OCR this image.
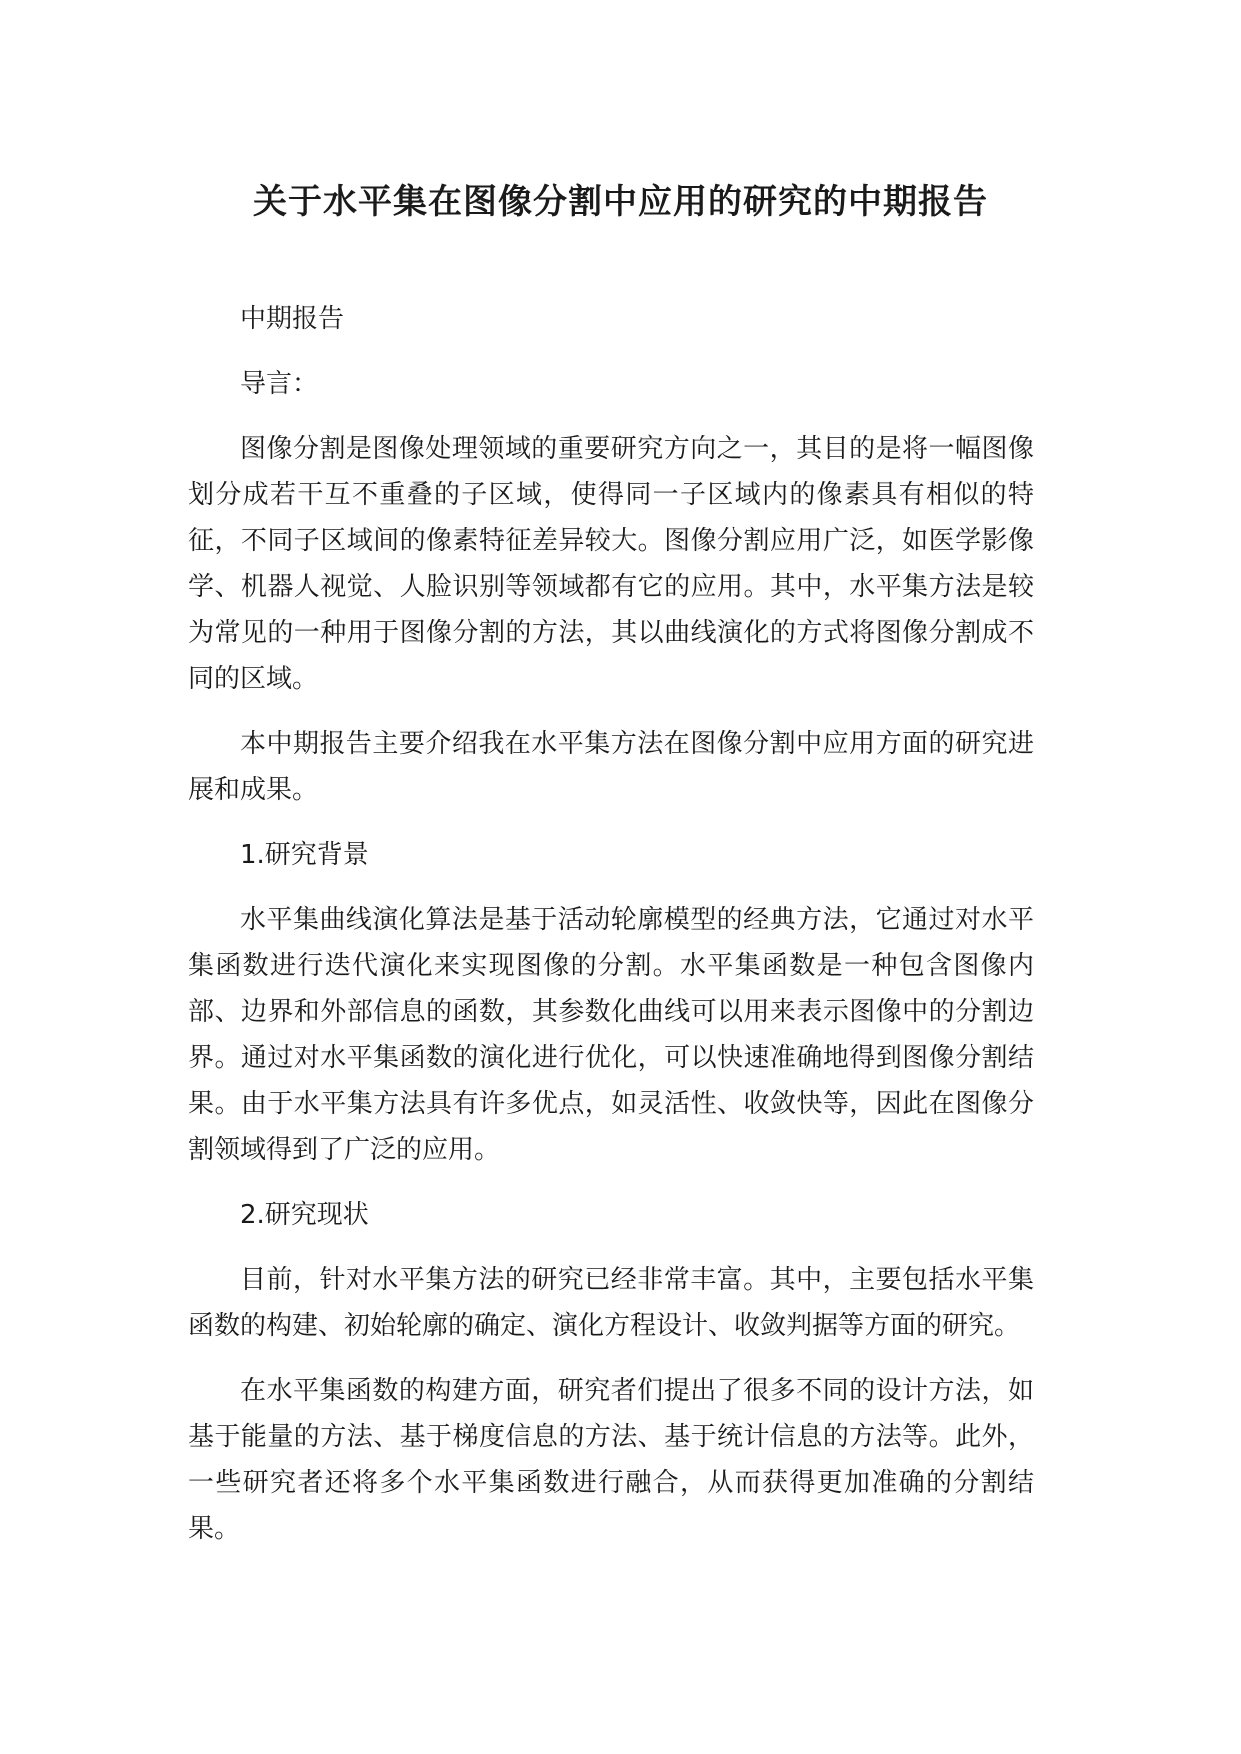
关于水平集在图像分割中应用的研究的中期报告

中期报告

导言：

图像分割是图像处理领域的重要研究方向之一，其目的是将一幅图像划分成若干互不重叠的子区域，使得同一子区域内的像素具有相似的特征，不同子区域间的像素特征差异较大。图像分割应用广泛，如医学影像学、机器人视觉、人脸识别等领域都有它的应用。其中，水平集方法是较为常见的一种用于图像分割的方法，其以曲线演化的方式将图像分割成不同的区域。

本中期报告主要介绍我在水平集方法在图像分割中应用方面的研究进展和成果。

1.研究背景

水平集曲线演化算法是基于活动轮廓模型的经典方法，它通过对水平集函数进行迭代演化来实现图像的分割。水平集函数是一种包含图像内部、边界和外部信息的函数，其参数化曲线可以用来表示图像中的分割边界。通过对水平集函数的演化进行优化，可以快速准确地得到图像分割结果。由于水平集方法具有许多优点，如灵活性、收敛快等，因此在图像分割领域得到了广泛的应用。

2.研究现状

目前，针对水平集方法的研究已经非常丰富。其中，主要包括水平集函数的构建、初始轮廓的确定、演化方程设计、收敛判据等方面的研究。

在水平集函数的构建方面，研究者们提出了很多不同的设计方法，如基于能量的方法、基于梯度信息的方法、基于统计信息的方法等。此外，一些研究者还将多个水平集函数进行融合，从而获得更加准确的分割结果。
